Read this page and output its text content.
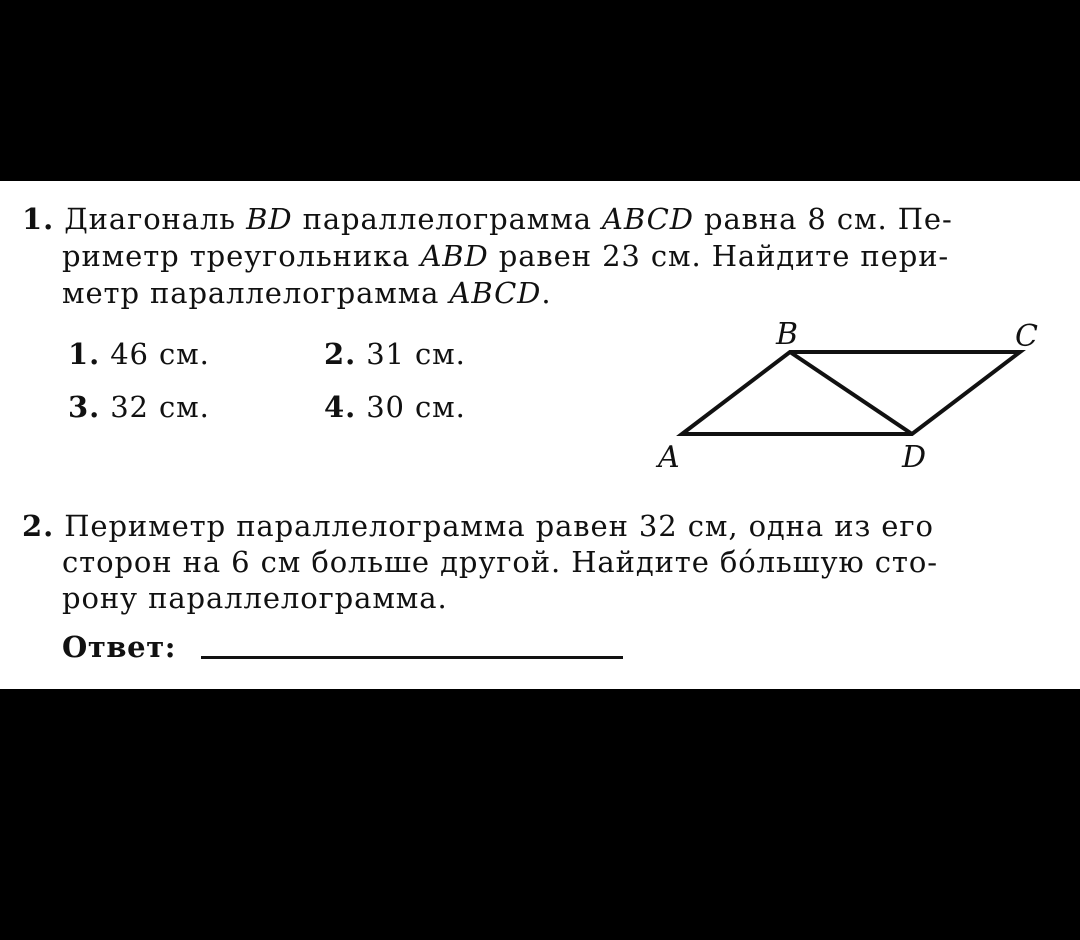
1. Диагональ BD параллелограмма ABCD равна 8 см. Пе-
риметр треугольника ABD равен 23 см. Найдите пери-
метр параллелограмма ABCD.
1. 46 см.	2. 31 см.
3. 32 см.	4. 30 см.
B	C
A	D
2. Периметр параллелограмма равен 32 см, одна из его
сторон на 6 см больше другой. Найдите бóльшую сто-
рону параллелограмма.
Ответ:
